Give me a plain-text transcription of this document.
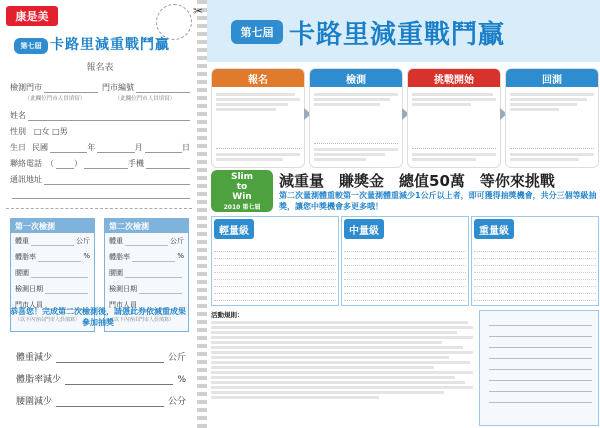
康是美
第七屆 卡路里減重戰鬥贏
報名表
檢測門市	門市編號
（此欄位門市人員填寫）	（此欄位門市人員填寫）
姓名
性別 □女 □男
生日 民國	年	月	日
聯絡電話 （	）	手機
通訊地址
第一次檢測
體重	公斤
體脂率	%
腰圍
檢測日期
門市人員
（以下內容由門市人員填寫）
第二次檢測
體重	公斤
體脂率	%
腰圍
檢測日期
門市人員
（以下內容由門市人員填寫）
恭喜您！完成第二次檢測後，請憑此券依減重成果參加抽獎
體重減少	公斤
體脂率減少	%
腰圍減少	公分
✂
第七屆 卡路里減重戰鬥贏
報名	檢測	挑戰開始	回測
Slim
to
Win
2010 第七屆
減重量　賺獎金　總值50萬　等你來挑戰
第二次量測體重較第一次量測體重減少1公斤以上者，即可獲得抽獎機會，共分三個等級抽獎，讓您中獎機會多更多哦！
輕量級	中量級	重量級
活動規則：
